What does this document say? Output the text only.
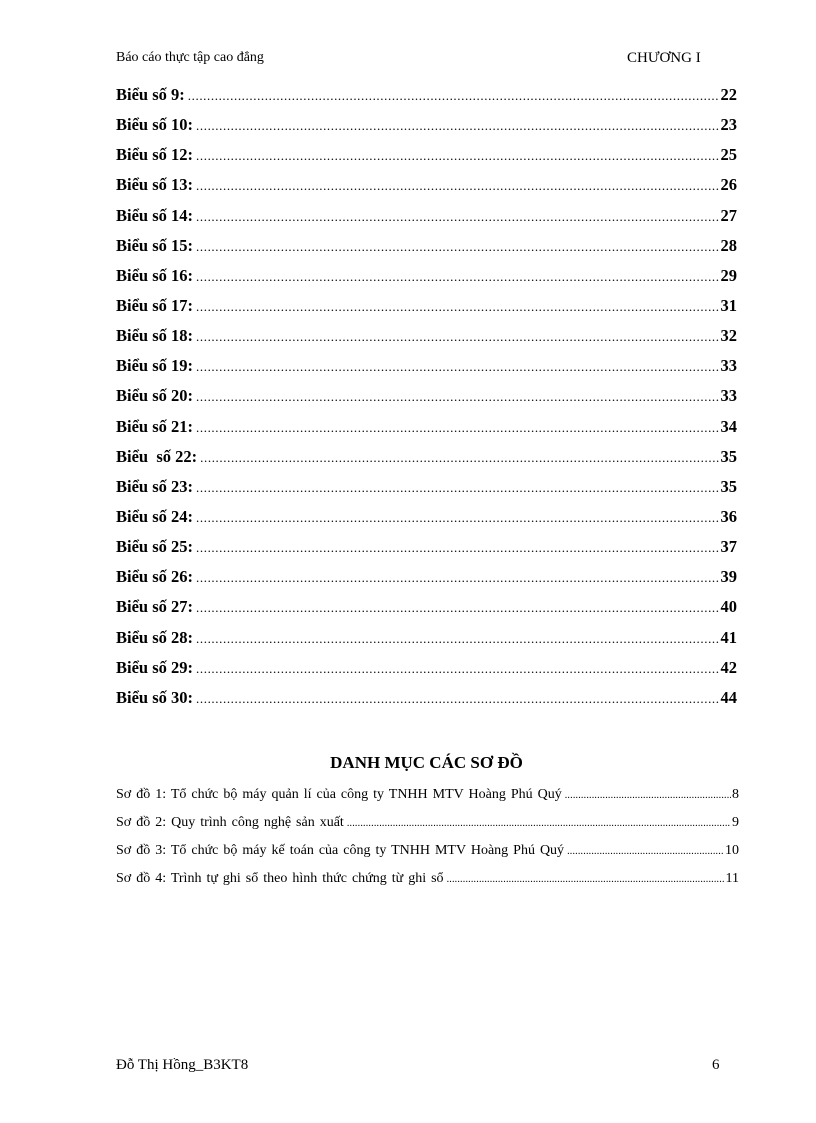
Báo cáo thực tập cao đẳng	CHƯƠNG I
Biểu số 9: .....	22
Biểu số 10: .....	23
Biểu số 12: .....	25
Biểu số 13: .....	26
Biểu số 14: .....	27
Biểu số 15: .....	28
Biểu số 16: .....	29
Biểu số 17: .....	31
Biểu số 18: .....	32
Biểu số 19: .....	33
Biểu số 20: .....	33
Biểu số 21: .....	34
Biểu  số 22: .....	35
Biểu số 23: .....	35
Biểu số 24: .....	36
Biểu số 25: .....	37
Biểu số 26: .....	39
Biểu số 27: .....	40
Biểu số 28: .....	41
Biểu số 29: .....	42
Biểu số 30: .....	44
DANH MỤC CÁC SƠ ĐỒ
Sơ đồ 1: Tổ chức bộ máy quản lí của công ty TNHH MTV Hoàng Phú Quý .....	8
Sơ đồ 2: Quy trình công nghệ sản xuất .....	9
Sơ đồ 3: Tổ chức bộ máy kế toán của công ty TNHH MTV Hoàng Phú Quý .....	10
Sơ đồ 4: Trình tự ghi sổ theo hình thức chứng từ ghi sổ .....	11
Đỗ Thị Hồng_B3KT8	6
